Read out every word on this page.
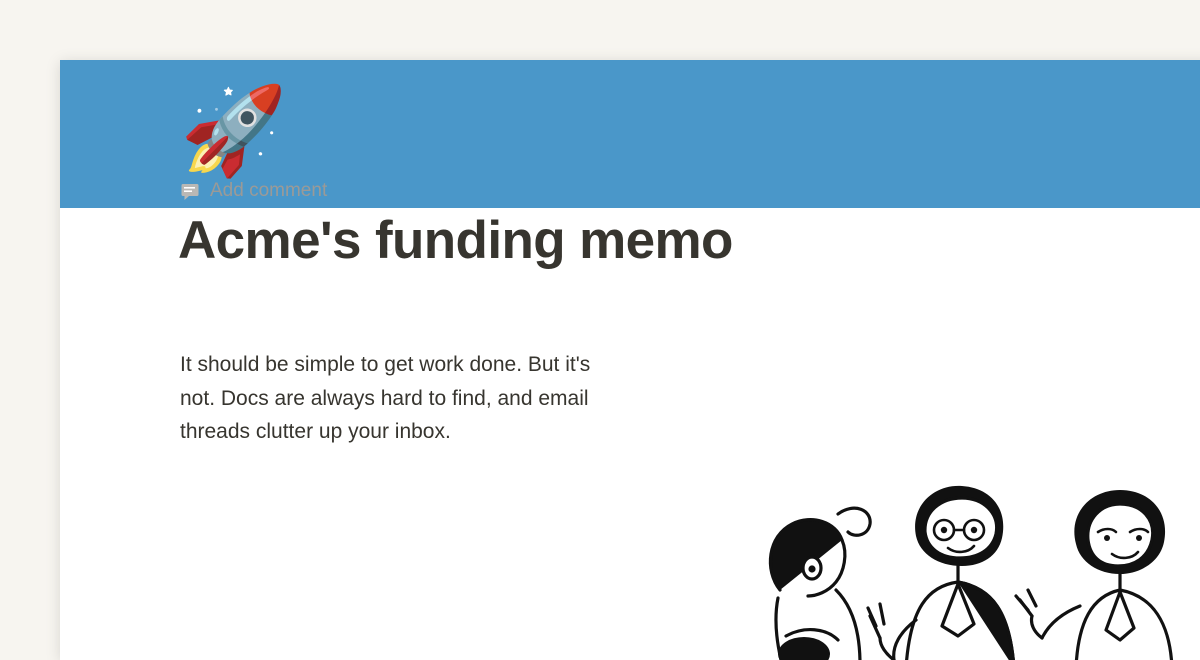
🚀
Add comment
Acme's funding memo

It should be simple to get work done. But it's not. Docs are always hard to find, and email threads clutter up your inbox.
